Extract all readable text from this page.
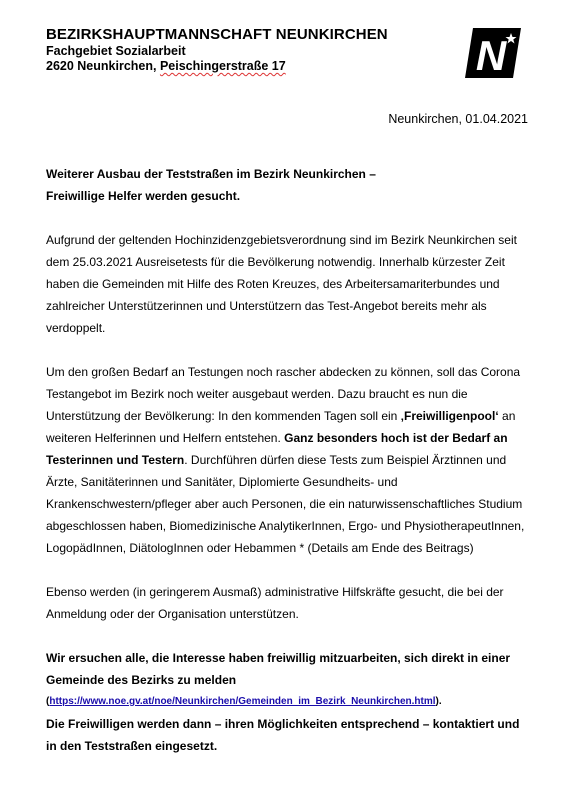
BEZIRKSHAUPTMANNSCHAFT NEUNKIRCHEN
Fachgebiet Sozialarbeit
2620 Neunkirchen, Peischingerstraße 17	N
Neunkirchen, 01.04.2021

Weiterer Ausbau der Teststraßen im Bezirk Neunkirchen –

Freiwillige Helfer werden gesucht.

Aufgrund der geltenden Hochinzidenzgebietsverordnung sind im Bezirk Neunkirchen seit dem 25.03.2021 Ausreisetests für die Bevölkerung notwendig. Innerhalb kürzester Zeit haben die Gemeinden mit Hilfe des Roten Kreuzes, des Arbeitersamariterbundes und zahlreicher Unterstützerinnen und Unterstützern das Test-Angebot bereits mehr als verdoppelt.

Um den großen Bedarf an Testungen noch rascher abdecken zu können, soll das Corona Testangebot im Bezirk noch weiter ausgebaut werden. Dazu braucht es nun die Unterstützung der Bevölkerung: In den kommenden Tagen soll ein ‚Freiwilligenpool‘ an weiteren Helferinnen und Helfern entstehen. Ganz besonders hoch ist der Bedarf an Testerinnen und Testern. Durchführen dürfen diese Tests zum Beispiel Ärztinnen und Ärzte, Sanitäterinnen und Sanitäter, Diplomierte Gesundheits- und Krankenschwestern/pfleger aber auch Personen, die ein naturwissenschaftliches Studium abgeschlossen haben, Biomedizinische AnalytikerInnen, Ergo- und PhysiotherapeutInnen, LogopädInnen, DiätologInnen oder Hebammen * (Details am Ende des Beitrags)

Ebenso werden (in geringerem Ausmaß) administrative Hilfskräfte gesucht, die bei der Anmeldung oder der Organisation unterstützen.

Wir ersuchen alle, die Interesse haben freiwillig mitzuarbeiten, sich direkt in einer Gemeinde des Bezirks zu melden

(https://www.noe.gv.at/noe/Neunkirchen/Gemeinden_im_Bezirk_Neunkirchen.html).

Die Freiwilligen werden dann – ihren Möglichkeiten entsprechend – kontaktiert und in den Teststraßen eingesetzt.
